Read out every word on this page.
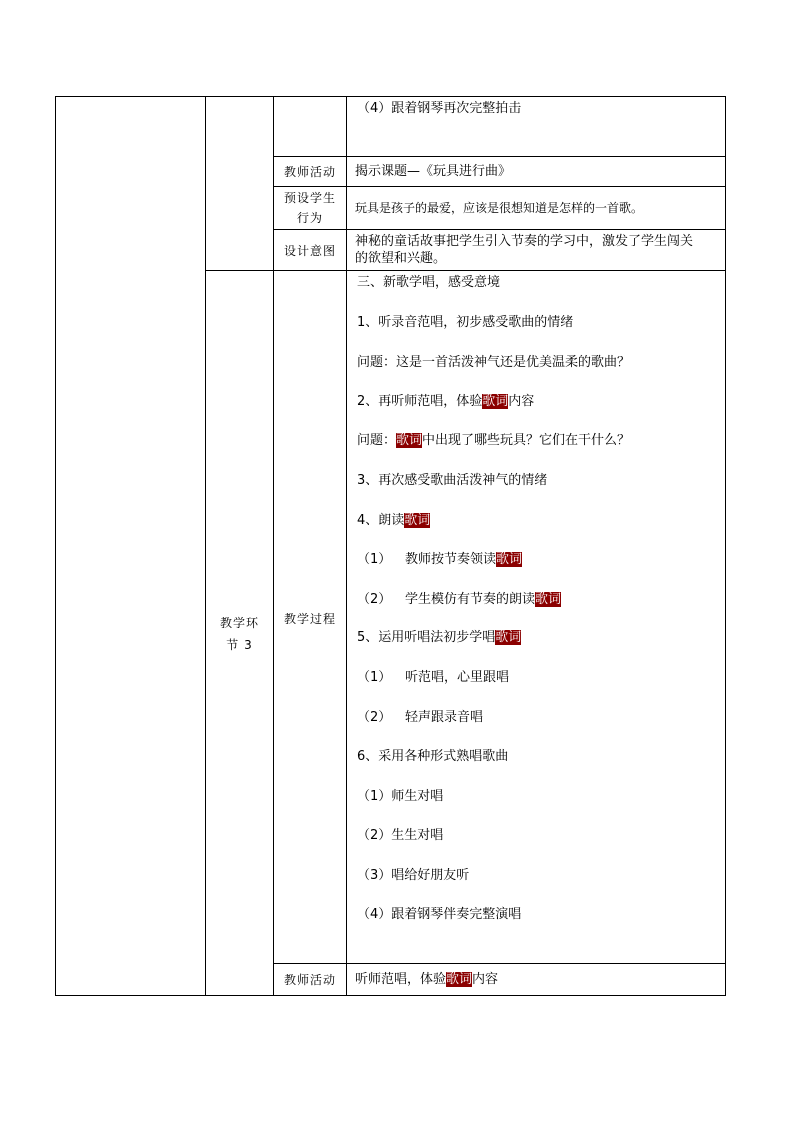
（4）跟着钢琴再次完整拍击
教师活动	揭示课题—《玩具进行曲》
预设学生
行为
玩具是孩子的最爱，应该是很想知道是怎样的一首歌。
设计意图
神秘的童话故事把学生引入节奏的学习中，激发了学生闯关
的欲望和兴趣。
教学环
节 3
教学过程
三、新歌学唱，感受意境
1、听录音范唱，初步感受歌曲的情绪
问题：这是一首活泼神气还是优美温柔的歌曲？
2、再听师范唱，体验歌词内容
问题：歌词中出现了哪些玩具？它们在干什么？
3、再次感受歌曲活泼神气的情绪
4、朗读歌词
（1） 教师按节奏领读歌词
（2） 学生模仿有节奏的朗读歌词
5、运用听唱法初步学唱歌词
（1） 听范唱，心里跟唱
（2） 轻声跟录音唱
6、采用各种形式熟唱歌曲
（1）师生对唱
（2）生生对唱
（3）唱给好朋友听
（4）跟着钢琴伴奏完整演唱
教师活动	听师范唱，体验歌词内容
